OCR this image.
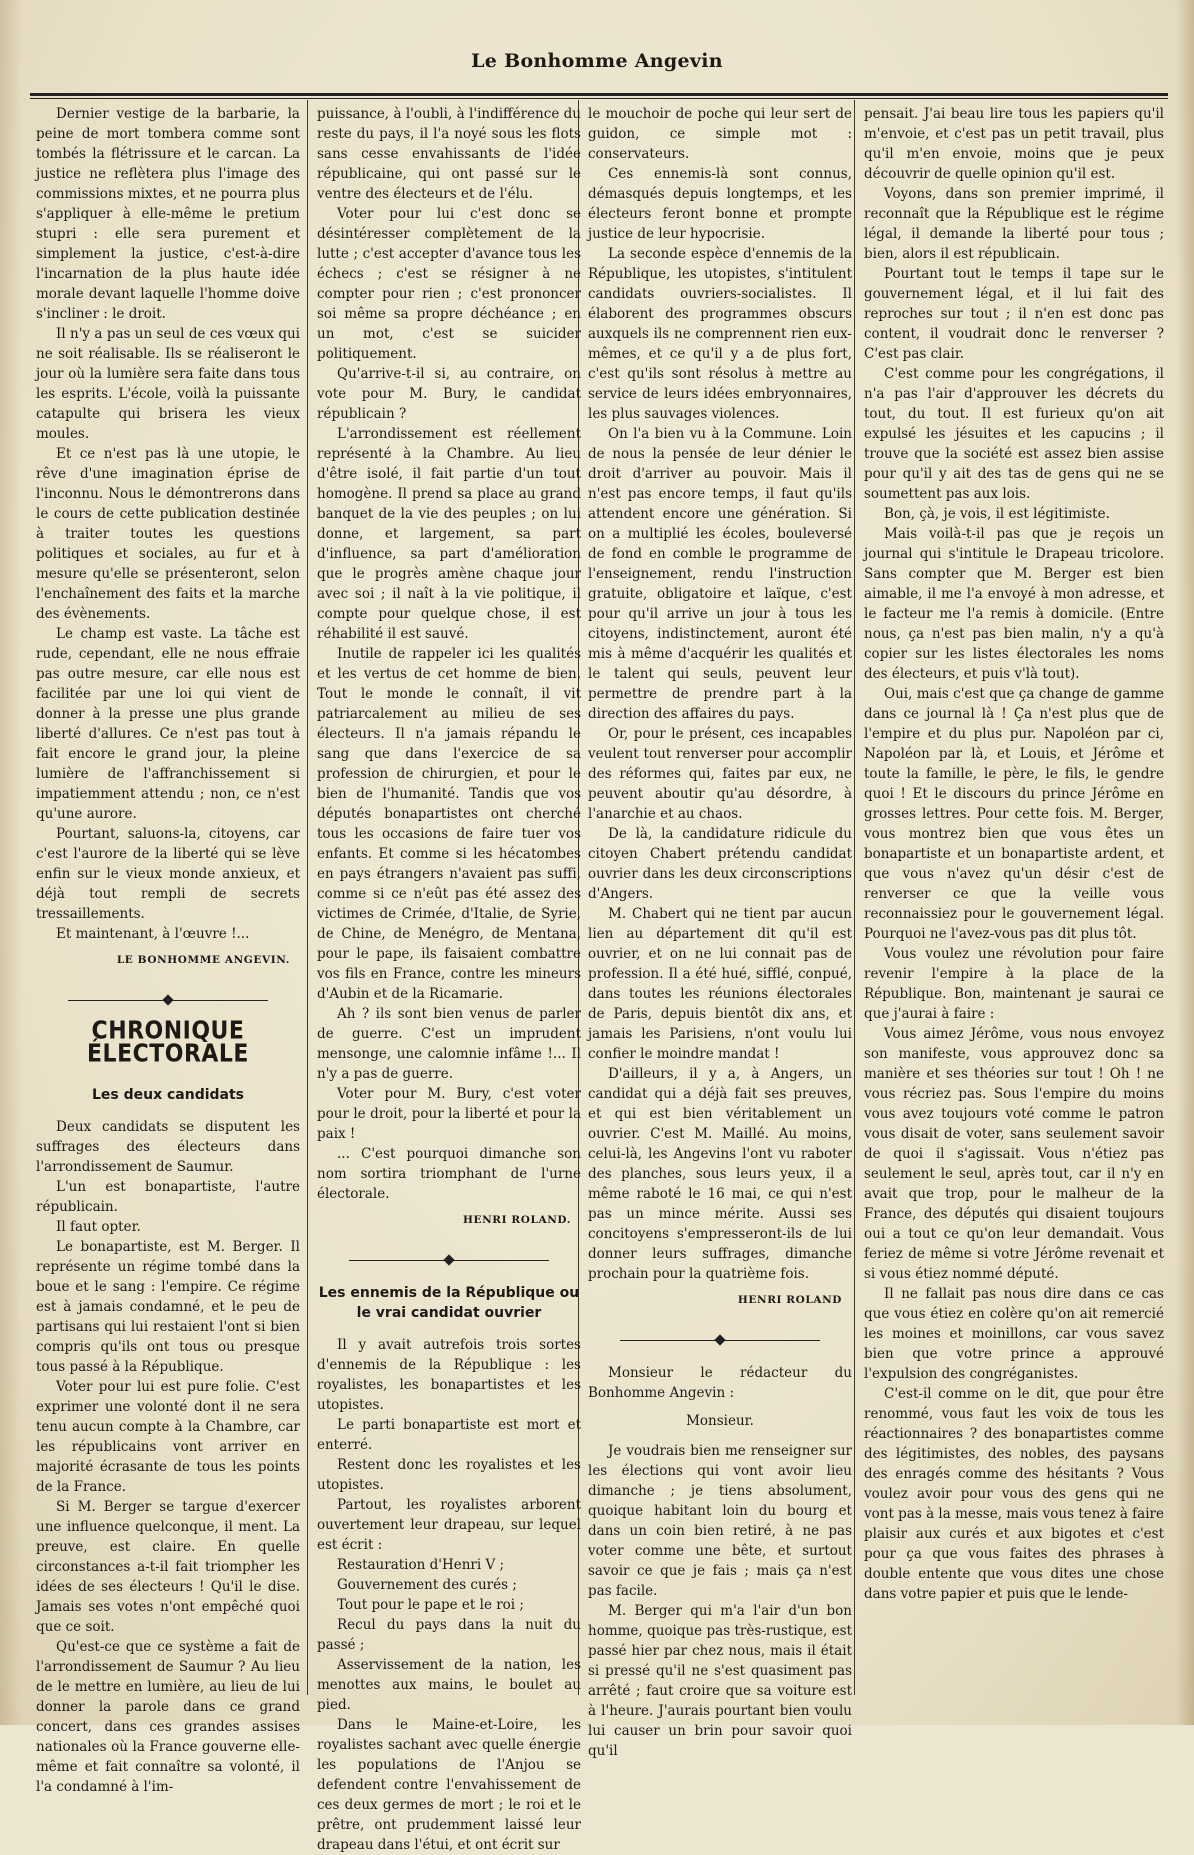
Le Bonhomme Angevin

Dernier vestige de la barbarie, la peine de mort tombera comme sont tombés la flétrissure et le carcan. La justice ne reflètera plus l'image des commissions mixtes, et ne pourra plus s'appliquer à elle-même le pretium stupri : elle sera purement et simplement la justice, c'est-à-dire l'incarnation de la plus haute idée morale devant laquelle l'homme doive s'incliner : le droit.

Il n'y a pas un seul de ces vœux qui ne soit réalisable. Ils se réaliseront le jour où la lumière sera faite dans tous les esprits. L'école, voilà la puissante catapulte qui brisera les vieux moules.

Et ce n'est pas là une utopie, le rêve d'une imagination éprise de l'inconnu. Nous le démontrerons dans le cours de cette publication destinée à traiter toutes les questions politiques et sociales, au fur et à mesure qu'elle se présenteront, selon l'enchaînement des faits et la marche des évènements.

Le champ est vaste. La tâche est rude, cependant, elle ne nous effraie pas outre mesure, car elle nous est facilitée par une loi qui vient de donner à la presse une plus grande liberté d'allures. Ce n'est pas tout à fait encore le grand jour, la pleine lumière de l'affranchissement si impatiemment attendu ; non, ce n'est qu'une aurore.

Pourtant, saluons-la, citoyens, car c'est l'aurore de la liberté qui se lève enfin sur le vieux monde anxieux, et déjà tout rempli de secrets tressaillements.

Et maintenant, à l'œuvre !...

LE BONHOMME ANGEVIN.

CHRONIQUE ÉLECTORALE
Les deux candidats

Deux candidats se disputent les suffrages des électeurs dans l'arrondissement de Saumur.

L'un est bonapartiste, l'autre républicain.

Il faut opter.

Le bonapartiste, est M. Berger. Il représente un régime tombé dans la boue et le sang : l'empire. Ce régime est à jamais condamné, et le peu de partisans qui lui restaient l'ont si bien compris qu'ils ont tous ou presque tous passé à la République.

Voter pour lui est pure folie. C'est exprimer une volonté dont il ne sera tenu aucun compte à la Chambre, car les républicains vont arriver en majorité écrasante de tous les points de la France.

Si M. Berger se targue d'exercer une influence quelconque, il ment. La preuve, est claire. En quelle circonstances a-t-il fait triompher les idées de ses électeurs ! Qu'il le dise. Jamais ses votes n'ont empêché quoi que ce soit.

Qu'est-ce que ce système a fait de l'arrondissement de Saumur ? Au lieu de le mettre en lumière, au lieu de lui donner la parole dans ce grand concert, dans ces grandes assises nationales où la France gouverne elle-même et fait connaître sa volonté, il l'a condamné à l'im-

puissance, à l'oubli, à l'indifférence du reste du pays, il l'a noyé sous les flots sans cesse envahissants de l'idée républicaine, qui ont passé sur le ventre des électeurs et de l'élu.

Voter pour lui c'est donc se désintéresser complètement de la lutte ; c'est accepter d'avance tous les échecs ; c'est se résigner à ne compter pour rien ; c'est prononcer soi même sa propre déchéance ; en un mot, c'est se suicider politiquement.

Qu'arrive-t-il si, au contraire, on vote pour M. Bury, le candidat républicain ?

L'arrondissement est réellement représenté à la Chambre. Au lieu d'être isolé, il fait partie d'un tout homogène. Il prend sa place au grand banquet de la vie des peuples ; on lui donne, et largement, sa part d'influence, sa part d'amélioration que le progrès amène chaque jour avec soi ; il naît à la vie politique, il compte pour quelque chose, il est réhabilité il est sauvé.

Inutile de rappeler ici les qualités et les vertus de cet homme de bien. Tout le monde le connaît, il vit patriarcalement au milieu de ses électeurs. Il n'a jamais répandu le sang que dans l'exercice de sa profession de chirurgien, et pour le bien de l'humanité. Tandis que vos députés bonapartistes ont cherché tous les occasions de faire tuer vos enfants. Et comme si les hécatombes en pays étrangers n'avaient pas suffi, comme si ce n'eût pas été assez des victimes de Crimée, d'Italie, de Syrie, de Chine, de Menégro, de Mentana, pour le pape, ils faisaient combattre vos fils en France, contre les mineurs d'Aubin et de la Ricamarie.

Ah ? ils sont bien venus de parler de guerre. C'est un imprudent mensonge, une calomnie infâme !... Il n'y a pas de guerre.

Voter pour M. Bury, c'est voter pour le droit, pour la liberté et pour la paix !

... C'est pourquoi dimanche son nom sortira triomphant de l'urne électorale.

HENRI ROLAND.

Les ennemis de la République ou le vrai candidat ouvrier

Il y avait autrefois trois sortes d'ennemis de la République : les royalistes, les bonapartistes et les utopistes.

Le parti bonapartiste est mort et enterré.

Restent donc les royalistes et les utopistes.

Partout, les royalistes arborent ouvertement leur drapeau, sur lequel est écrit :

Restauration d'Henri V ;

Gouvernement des curés ;

Tout pour le pape et le roi ;

Recul du pays dans la nuit du passé ;

Asservissement de la nation, les menottes aux mains, le boulet au pied.

Dans le Maine-et-Loire, les royalistes sachant avec quelle énergie les populations de l'Anjou se defendent contre l'envahissement de ces deux germes de mort ; le roi et le prêtre, ont prudemment laissé leur drapeau dans l'étui, et ont écrit sur

le mouchoir de poche qui leur sert de guidon, ce simple mot : conservateurs.

Ces ennemis-là sont connus, démasqués depuis longtemps, et les électeurs feront bonne et prompte justice de leur hypocrisie.

La seconde espèce d'ennemis de la République, les utopistes, s'intitulent candidats ouvriers-socialistes. Il élaborent des programmes obscurs auxquels ils ne comprennent rien eux-mêmes, et ce qu'il y a de plus fort, c'est qu'ils sont résolus à mettre au service de leurs idées embryonnaires, les plus sauvages violences.

On l'a bien vu à la Commune. Loin de nous la pensée de leur dénier le droit d'arriver au pouvoir. Mais il n'est pas encore temps, il faut qu'ils attendent encore une génération. Si on a multiplié les écoles, bouleversé de fond en comble le programme de l'enseignement, rendu l'instruction gratuite, obligatoire et laïque, c'est pour qu'il arrive un jour à tous les citoyens, indistinctement, auront été mis à même d'acquérir les qualités et le talent qui seuls, peuvent leur permettre de prendre part à la direction des affaires du pays.

Or, pour le présent, ces incapables veulent tout renverser pour accomplir des réformes qui, faites par eux, ne peuvent aboutir qu'au désordre, à l'anarchie et au chaos.

De là, la candidature ridicule du citoyen Chabert prétendu candidat ouvrier dans les deux circonscriptions d'Angers.

M. Chabert qui ne tient par aucun lien au département dit qu'il est ouvrier, et on ne lui connait pas de profession. Il a été hué, sifflé, conpué, dans toutes les réunions électorales de Paris, depuis bientôt dix ans, et jamais les Parisiens, n'ont voulu lui confier le moindre mandat !

D'ailleurs, il y a, à Angers, un candidat qui a déjà fait ses preuves, et qui est bien véritablement un ouvrier. C'est M. Maillé. Au moins, celui-là, les Angevins l'ont vu raboter des planches, sous leurs yeux, il a même raboté le 16 mai, ce qui n'est pas un mince mérite. Aussi ses concitoyens s'empresseront-ils de lui donner leurs suffrages, dimanche prochain pour la quatrième fois.

HENRI ROLAND

Monsieur le rédacteur du Bonhomme Angevin :

Monsieur.

Je voudrais bien me renseigner sur les élections qui vont avoir lieu dimanche ; je tiens absolument, quoique habitant loin du bourg et dans un coin bien retiré, à ne pas voter comme une bête, et surtout savoir ce que je fais ; mais ça n'est pas facile.

M. Berger qui m'a l'air d'un bon homme, quoique pas très-rustique, est passé hier par chez nous, mais il était si pressé qu'il ne s'est quasiment pas arrêté ; faut croire que sa voiture est à l'heure. J'aurais pourtant bien voulu lui causer un brin pour savoir quoi qu'il

pensait. J'ai beau lire tous les papiers qu'il m'envoie, et c'est pas un petit travail, plus qu'il m'en envoie, moins que je peux découvrir de quelle opinion qu'il est.

Voyons, dans son premier imprimé, il reconnaît que la République est le régime légal, il demande la liberté pour tous ; bien, alors il est républicain.

Pourtant tout le temps il tape sur le gouvernement légal, et il lui fait des reproches sur tout ; il n'en est donc pas content, il voudrait donc le renverser ? C'est pas clair.

C'est comme pour les congrégations, il n'a pas l'air d'approuver les décrets du tout, du tout. Il est furieux qu'on ait expulsé les jésuites et les capucins ; il trouve que la société est assez bien assise pour qu'il y ait des tas de gens qui ne se soumettent pas aux lois.

Bon, çà, je vois, il est légitimiste.

Mais voilà-t-il pas que je reçois un journal qui s'intitule le Drapeau tricolore. Sans compter que M. Berger est bien aimable, il me l'a envoyé à mon adresse, et le facteur me l'a remis à domicile. (Entre nous, ça n'est pas bien malin, n'y a qu'à copier sur les listes électorales les noms des électeurs, et puis v'là tout).

Oui, mais c'est que ça change de gamme dans ce journal là ! Ça n'est plus que de l'empire et du plus pur. Napoléon par ci, Napoléon par là, et Louis, et Jérôme et toute la famille, le père, le fils, le gendre quoi ! Et le discours du prince Jérôme en grosses lettres. Pour cette fois. M. Berger, vous montrez bien que vous êtes un bonapartiste et un bonapartiste ardent, et que vous n'avez qu'un désir c'est de renverser ce que la veille vous reconnaissiez pour le gouvernement légal. Pourquoi ne l'avez-vous pas dit plus tôt.

Vous voulez une révolution pour faire revenir l'empire à la place de la République. Bon, maintenant je saurai ce que j'aurai à faire :

Vous aimez Jérôme, vous nous envoyez son manifeste, vous approuvez donc sa manière et ses théories sur tout ! Oh ! ne vous récriez pas. Sous l'empire du moins vous avez toujours voté comme le patron vous disait de voter, sans seulement savoir de quoi il s'agissait. Vous n'étiez pas seulement le seul, après tout, car il n'y en avait que trop, pour le malheur de la France, des députés qui disaient toujours oui a tout ce qu'on leur demandait. Vous feriez de même si votre Jérôme revenait et si vous étiez nommé député.

Il ne fallait pas nous dire dans ce cas que vous étiez en colère qu'on ait remercié les moines et moinillons, car vous savez bien que votre prince a approuvé l'expulsion des congréganistes.

C'est-il comme on le dit, que pour être renommé, vous faut les voix de tous les réactionnaires ? des bonapartistes comme des légitimistes, des nobles, des paysans des enragés comme des hésitants ? Vous voulez avoir pour vous des gens qui ne vont pas à la messe, mais vous tenez à faire plaisir aux curés et aux bigotes et c'est pour ça que vous faites des phrases à double entente que vous dites une chose dans votre papier et puis que le lende-
